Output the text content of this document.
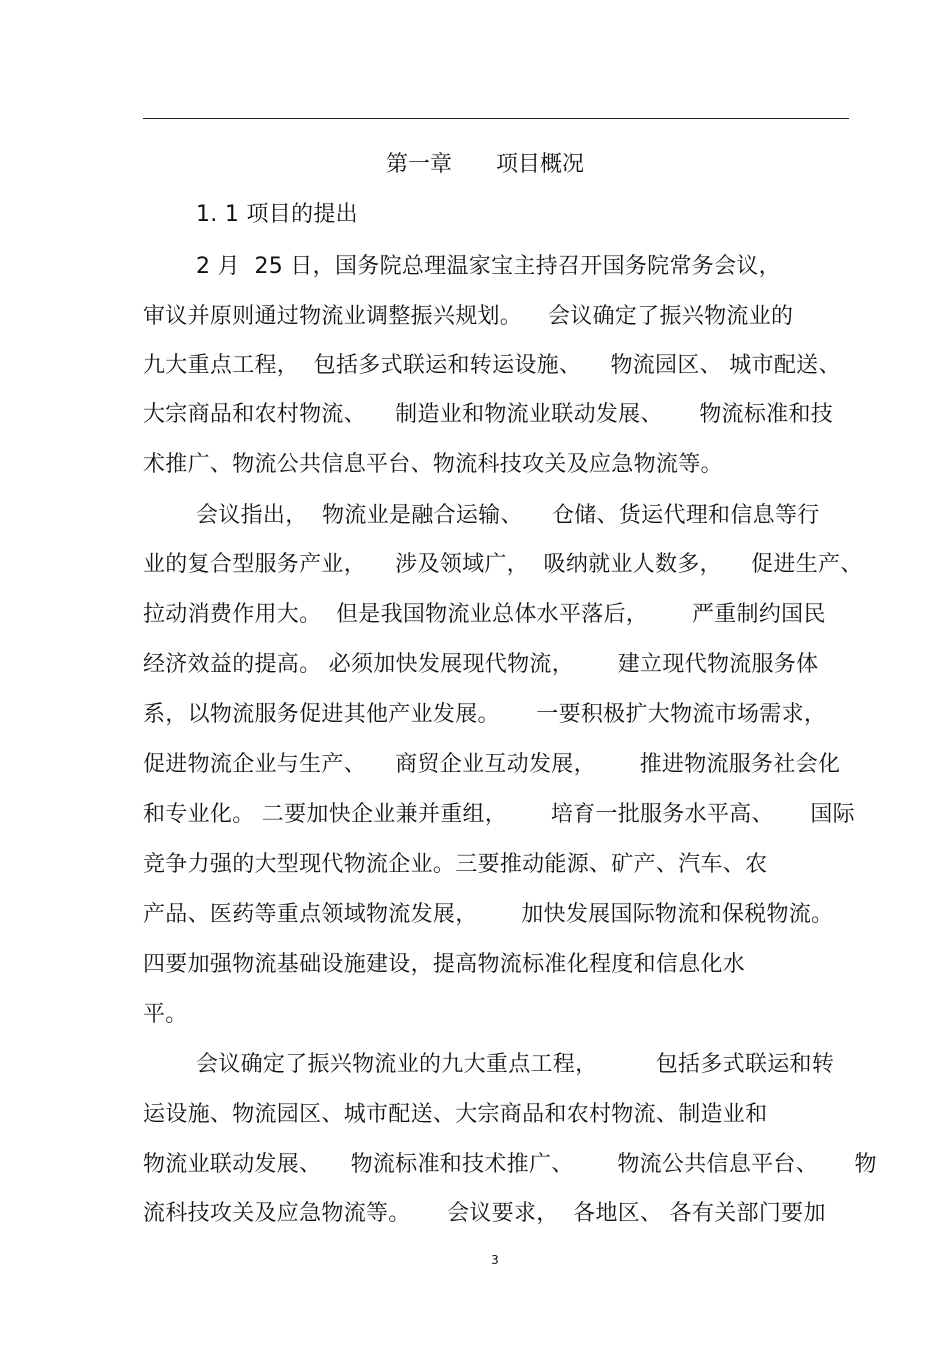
第一章　　项目概况
1. 1 项目的提出
2 月  25 日，国务院总理温家宝主持召开国务院常务会议，
审议并原则通过物流业调整振兴规划。　  会议确定了振兴物流业的
九大重点工程，  包括多式联运和转运设施、    物流园区、 城市配送、
大宗商品和农村物流、    制造业和物流业联动发展、     物流标准和技
术推广、物流公共信息平台、物流科技攻关及应急物流等。
会议指出，  物流业是融合运输、    仓储、货运代理和信息等行
业的复合型服务产业，    涉及领域广，  吸纳就业人数多，    促进生产、
拉动消费作用大。  但是我国物流业总体水平落后，      严重制约国民
经济效益的提高。 必须加快发展现代物流，      建立现代物流服务体
系，以物流服务促进其他产业发展。     一要积极扩大物流市场需求，
促进物流企业与生产、    商贸企业互动发展，      推进物流服务社会化
和专业化。 二要加快企业兼并重组，      培育一批服务水平高、     国际
竞争力强的大型现代物流企业。三要推动能源、矿产、汽车、农
产品、医药等重点领域物流发展，      加快发展国际物流和保税物流。
四要加强物流基础设施建设，提高物流标准化程度和信息化水
平。
会议确定了振兴物流业的九大重点工程，        包括多式联运和转
运设施、物流园区、城市配送、大宗商品和农村物流、制造业和
物流业联动发展、    物流标准和技术推广、      物流公共信息平台、     物
流科技攻关及应急物流等。     会议要求，  各地区、 各有关部门要加
3
